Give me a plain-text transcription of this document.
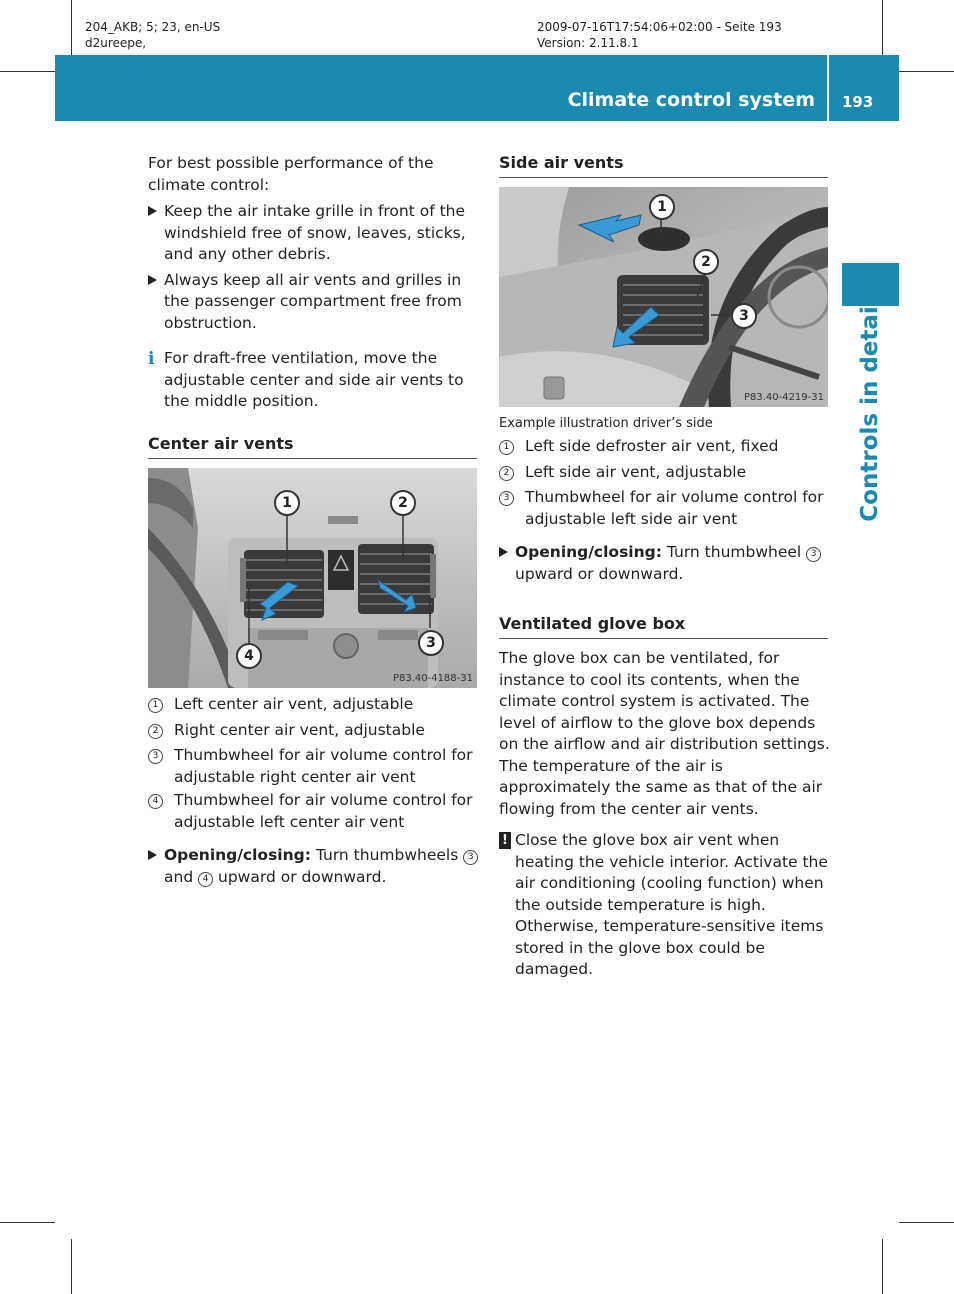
204_AKB; 5; 23, en-US
d2ureepe,
2009-07-16T17:54:06+02:00 - Seite 193
Version: 2.11.8.1
Climate control system 193
Controls in detail

For best possible performance of the climate control:

Keep the air intake grille in front of the windshield free of snow, leaves, sticks, and any other debris.
Always keep all air vents and grilles in the passenger compartment free from obstruction.
i For draft-free ventilation, move the adjustable center and side air vents to the middle position.
Center air vents
1	2
3
4
P83.40-4188-31
1 Left center air vent, adjustable
2 Right center air vent, adjustable
3 Thumbwheel for air volume control for adjustable right center air vent
4 Thumbwheel for air volume control for adjustable left center air vent
Opening/closing: Turn thumbwheels 3
and 4 upward or downward.
Side air vents
1
2
3
P83.40-4219-31
Example illustration driver’s side
1 Left side defroster air vent, fixed
2 Left side air vent, adjustable
3 Thumbwheel for air volume control for adjustable left side air vent
Opening/closing: Turn thumbwheel 3
upward or downward.
Ventilated glove box

The glove box can be ventilated, for instance to cool its contents, when the climate control system is activated. The level of airflow to the glove box depends on the airflow and air distribution settings. The temperature of the air is approximately the same as that of the air flowing from the center air vents.

! Close the glove box air vent when heating the vehicle interior. Activate the air conditioning (cooling function) when the outside temperature is high. Otherwise, temperature-sensitive items stored in the glove box could be damaged.
